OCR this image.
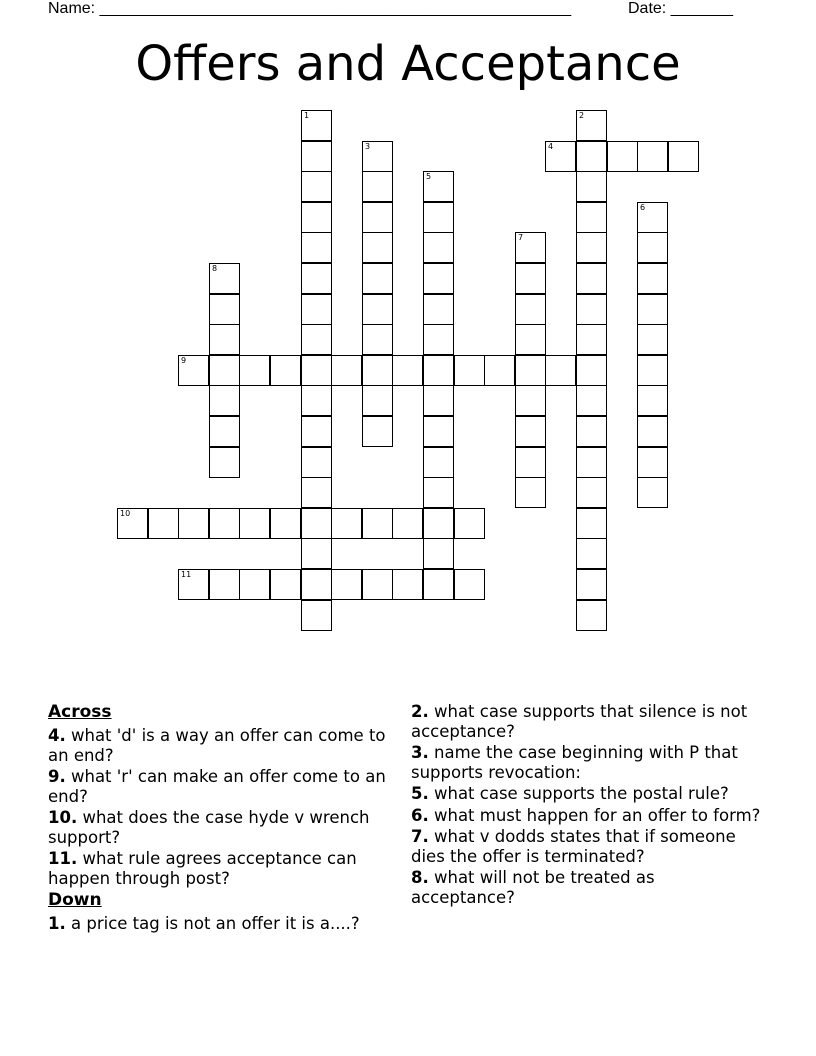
Name: _____________________________________________________	Date: _______
Offers and Acceptance
1	2
3	4
5
6
7
8
9
10
11
Across
4. what 'd' is a way an offer can come to an end?
9. what 'r' can make an offer come to an end?
10. what does the case hyde v wrench support?
11. what rule agrees acceptance can happen through post?
Down
1. a price tag is not an offer it is a....?
2. what case supports that silence is not acceptance?
3. name the case beginning with P that supports revocation:
5. what case supports the postal rule?
6. what must happen for an offer to form?
7. what v dodds states that if someone dies the offer is terminated?
8. what will not be treated as acceptance?
